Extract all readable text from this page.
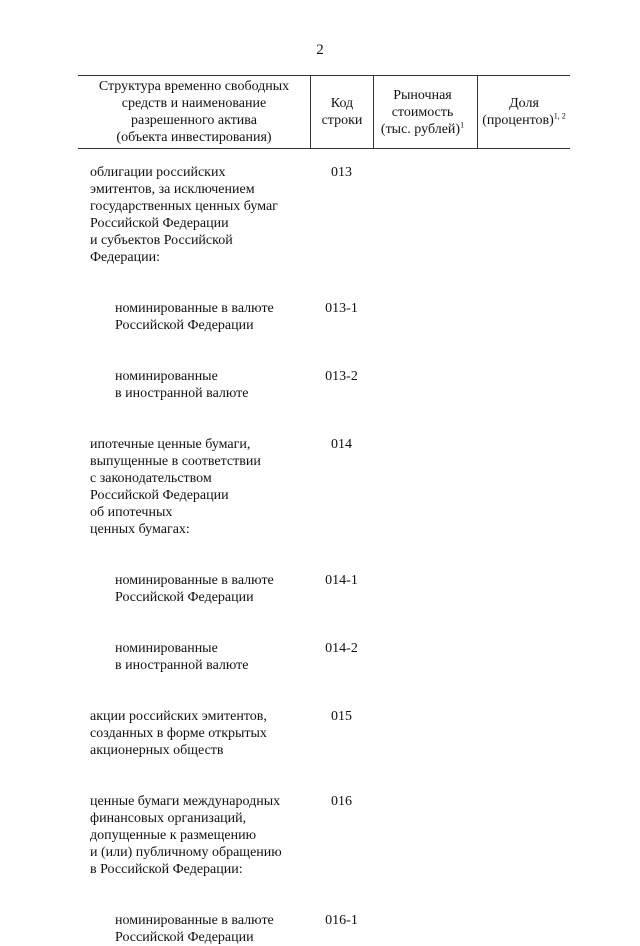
2
Структура временно свободных
средств и наименование
разрешенного актива
(объекта инвестирования)
Код
строки
Рыночная
стоимость
(тыс. рублей)$^1$
Доля
(процентов)$^{1, 2}$
облигации российских
эмитентов, за исключением
государственных ценных бумаг
Российской Федерации
и субъектов Российской
Федерации:
013
номинированные в валюте
Российской Федерации
013-1
номинированные
в иностранной валюте
013-2
ипотечные ценные бумаги,
выпущенные в соответствии
с законодательством
Российской Федерации
об ипотечных
ценных бумагах:
014
номинированные в валюте
Российской Федерации
014-1
номинированные
в иностранной валюте
014-2
акции российских эмитентов,
созданных в форме открытых
акционерных обществ
015
ценные бумаги международных
финансовых организаций,
допущенные к размещению
и (или) публичному обращению
в Российской Федерации:
016
номинированные в валюте
Российской Федерации
016-1
